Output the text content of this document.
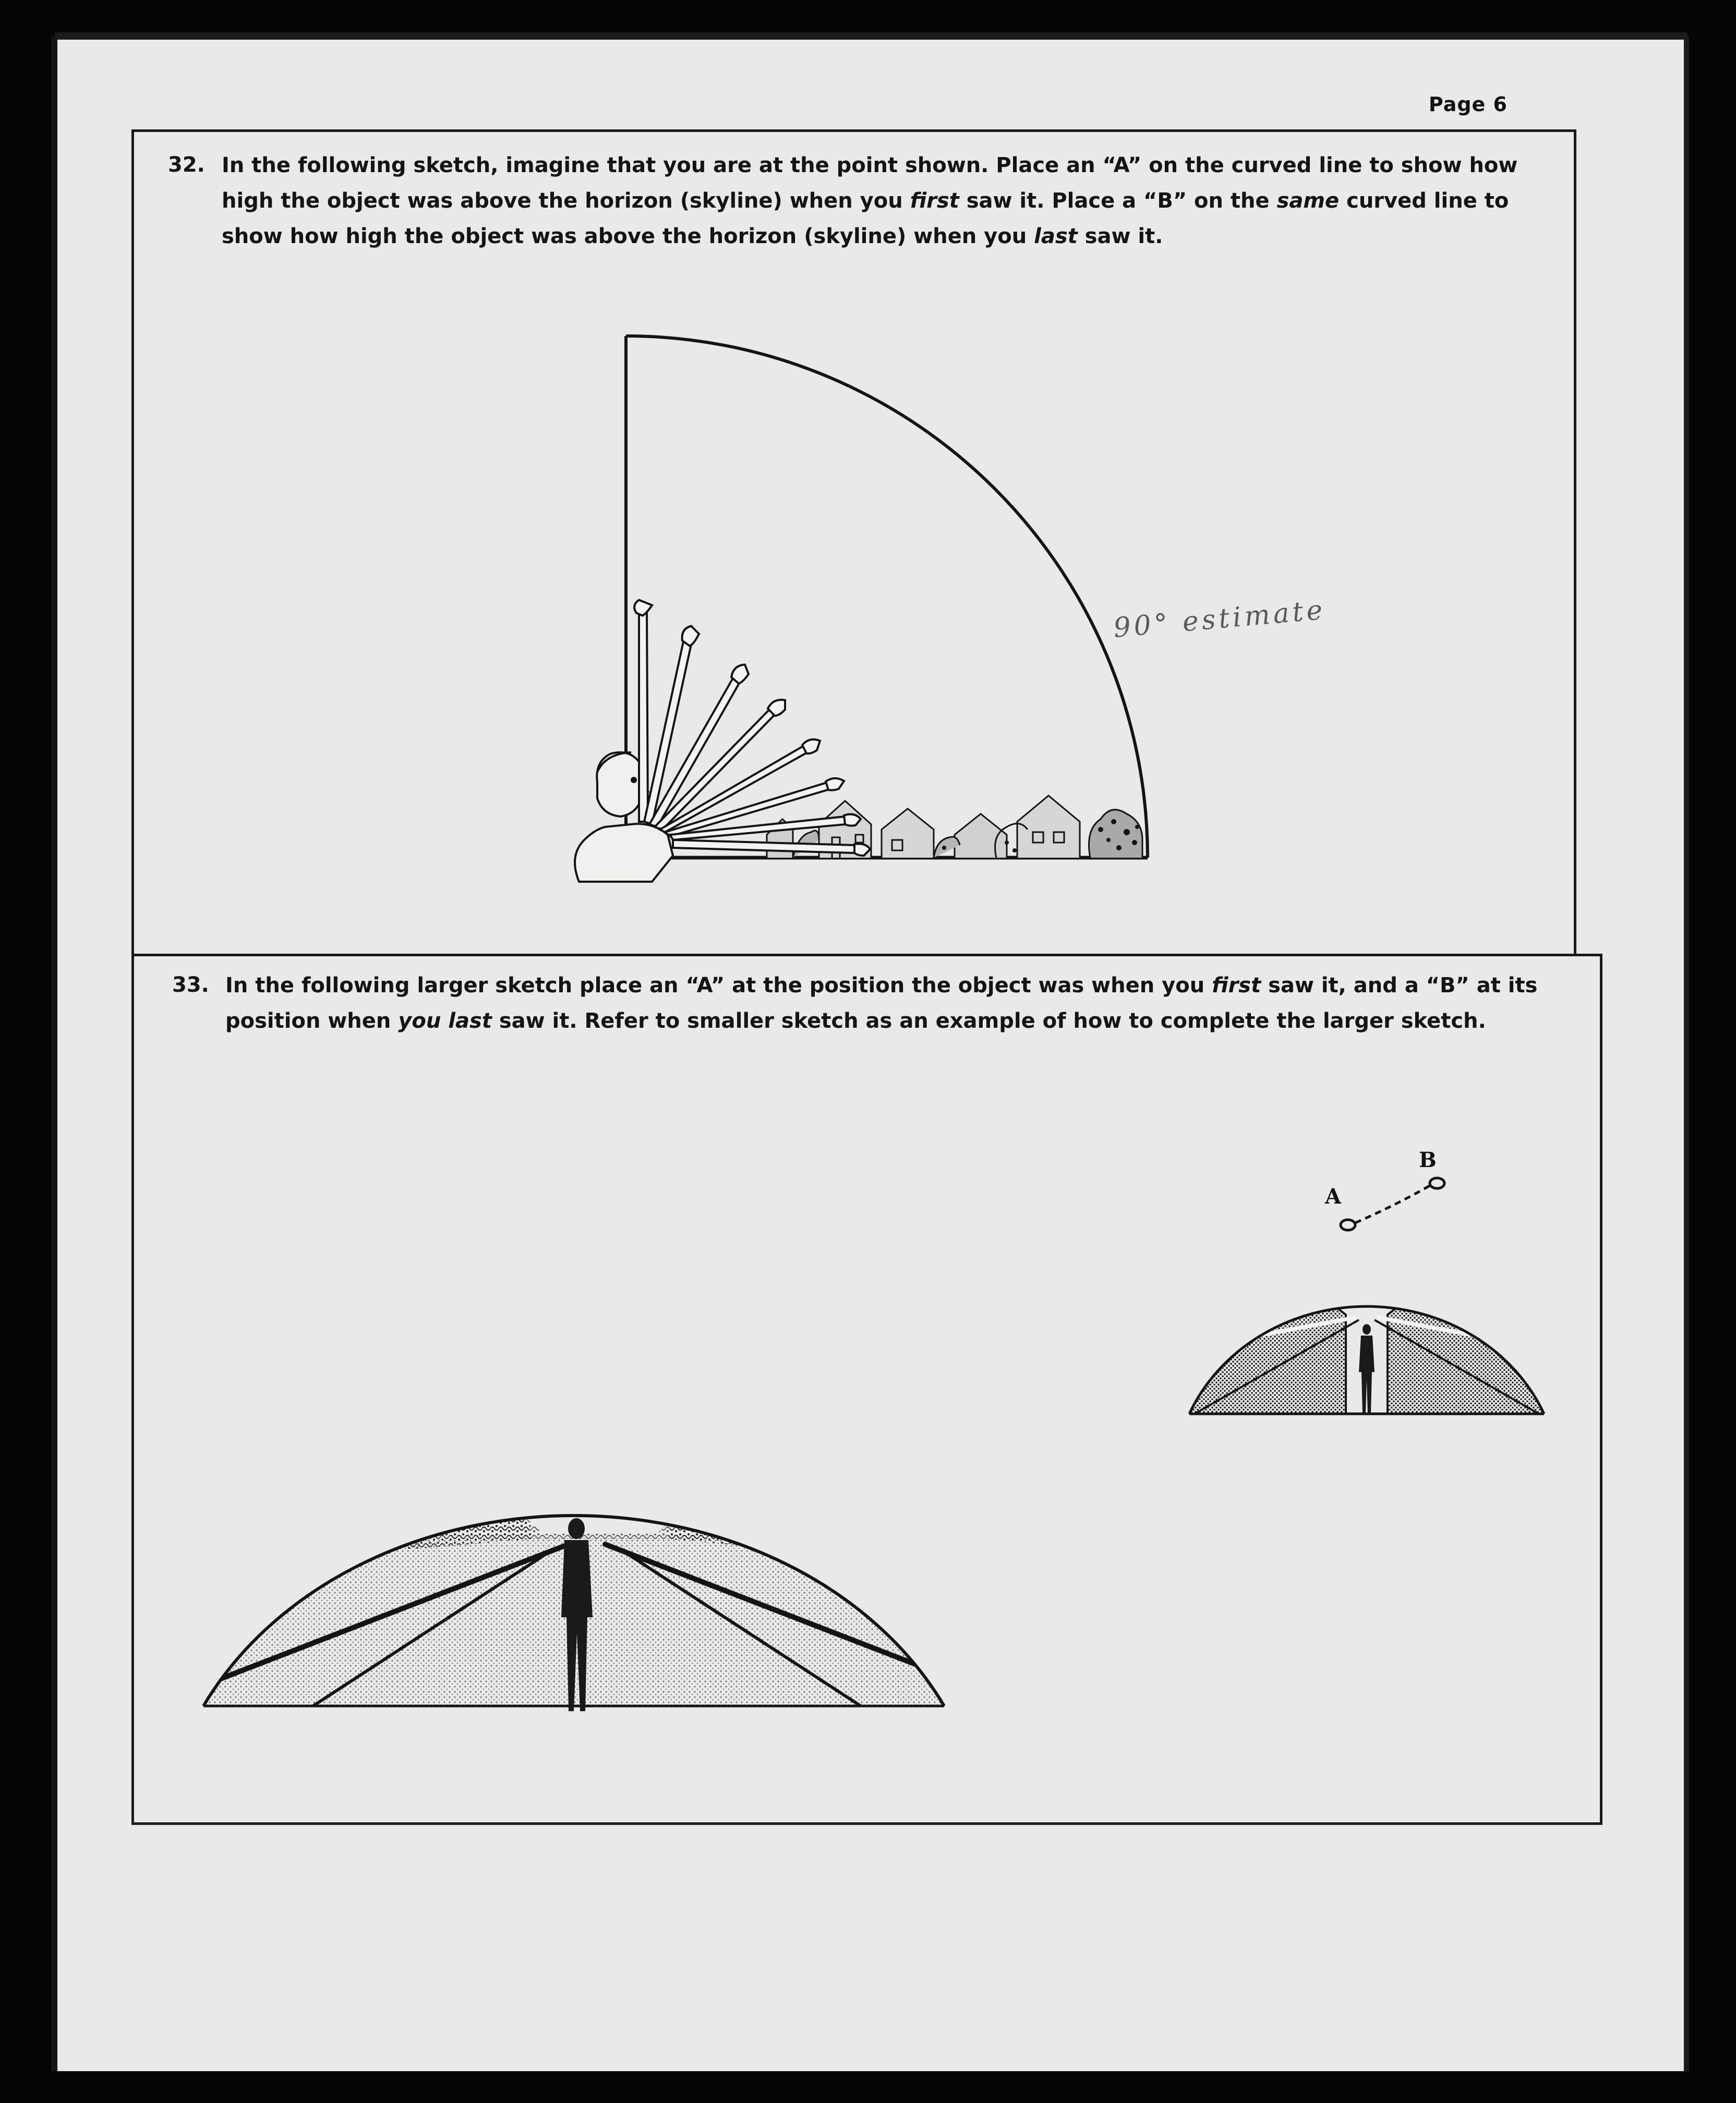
Page 6
32. In the following sketch, imagine that you are at the point shown. Place an “A” on the curved line to show how
high the object was above the horizon (skyline) when you first saw it. Place a “B” on the same curved line to
show how high the object was above the horizon (skyline) when you last saw it.
90° estimate
33. In the following larger sketch place an “A” at the position the object was when you first saw it, and a “B” at its
position when you last saw it. Refer to smaller sketch as an example of how to complete the larger sketch.
A
B
